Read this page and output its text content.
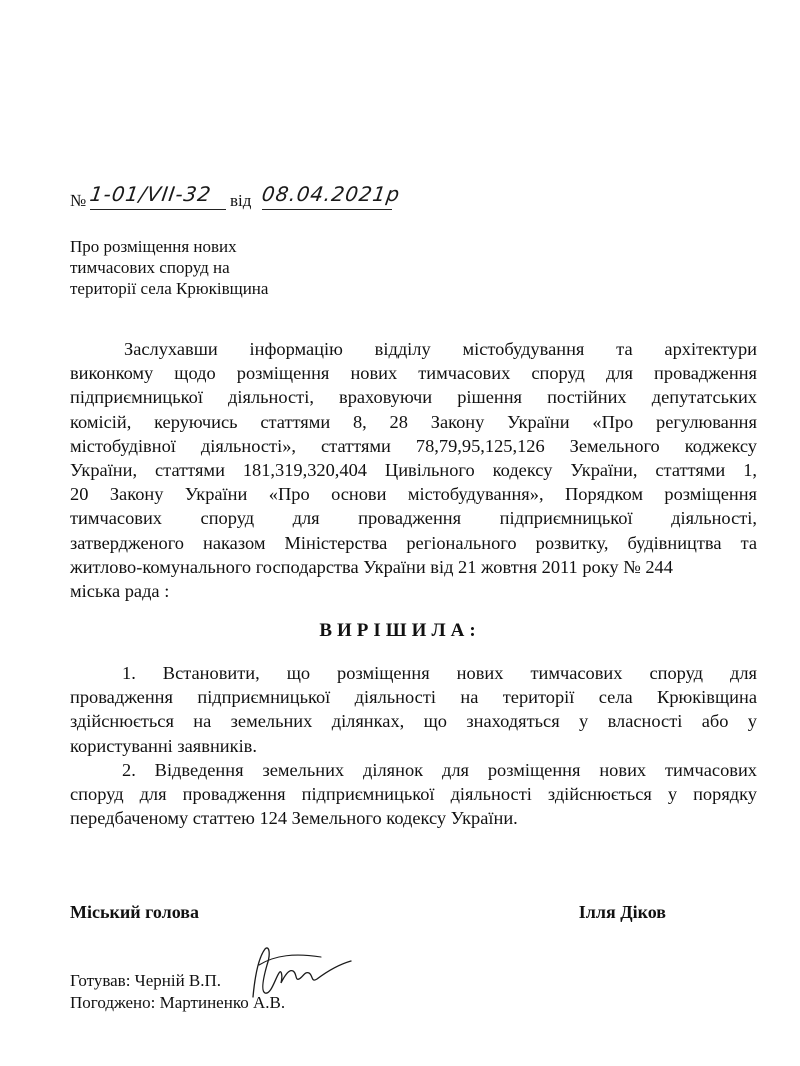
№ 1-01/VII-32 від 08.04.2021р
Про розміщення нових
тимчасових споруд на
території села Крюківщина
Заслухавши інформацію відділу містобудування та архітектури
виконкому щодо розміщення нових тимчасових споруд для провадження
підприємницької діяльності, враховуючи рішення постійних депутатських
комісій, керуючись статтями 8, 28 Закону України «Про регулювання
містобудівної діяльності», статтями 78,79,95,125,126 Земельного коджексу
України, статтями 181,319,320,404 Цивільного кодексу України, статтями 1,
20 Закону України «Про основи містобудування», Порядком розміщення
тимчасових споруд для провадження підприємницької діяльності,
затвердженого наказом Міністерства регіонального розвитку, будівництва та
житлово-комунального господарства України від 21 жовтня 2011 року № 244
міська рада :
ВИРІШИЛА:
1. Встановити, що розміщення нових тимчасових споруд для
провадження підприємницької діяльності на території села Крюківщина
здійснюється на земельних ділянках, що знаходяться у власності або у
користуванні заявників.
2. Відведення земельних ділянок для розміщення нових тимчасових
споруд для провадження підприємницької діяльності здійснюється у порядку
передбаченому статтею 124 Земельного кодексу України.
Міський голова	Ілля Діков
Готував: Черній В.П.
Погоджено: Мартиненко А.В.
